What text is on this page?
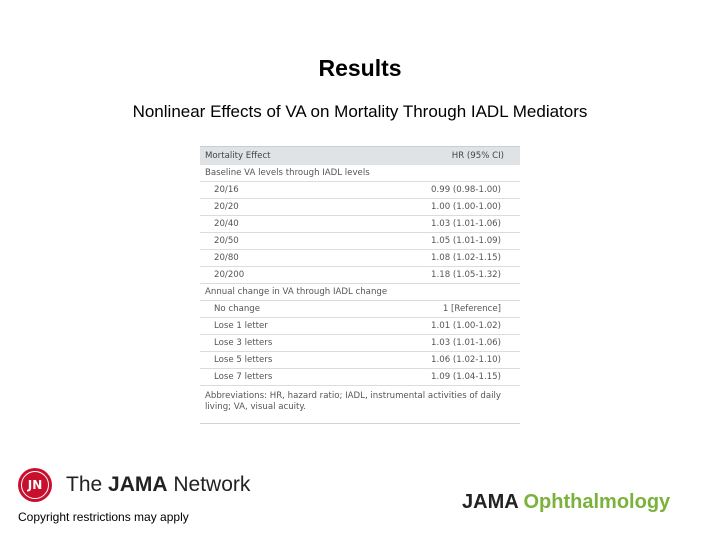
Results
Nonlinear Effects of VA on Mortality Through IADL Mediators
Mortality Effect	HR (95% CI)
Baseline VA levels through IADL levels
20/16	0.99 (0.98-1.00)
20/20	1.00 (1.00-1.00)
20/40	1.03 (1.01-1.06)
20/50	1.05 (1.01-1.09)
20/80	1.08 (1.02-1.15)
20/200	1.18 (1.05-1.32)
Annual change in VA through IADL change
No change	1 [Reference]
Lose 1 letter	1.01 (1.00-1.02)
Lose 3 letters	1.03 (1.01-1.06)
Lose 5 letters	1.06 (1.02-1.10)
Lose 7 letters	1.09 (1.04-1.15)
Abbreviations: HR, hazard ratio; IADL, instrumental activities of daily living; VA, visual acuity.
JN	The JAMA Network
Copyright restrictions may apply
JAMA Ophthalmology
